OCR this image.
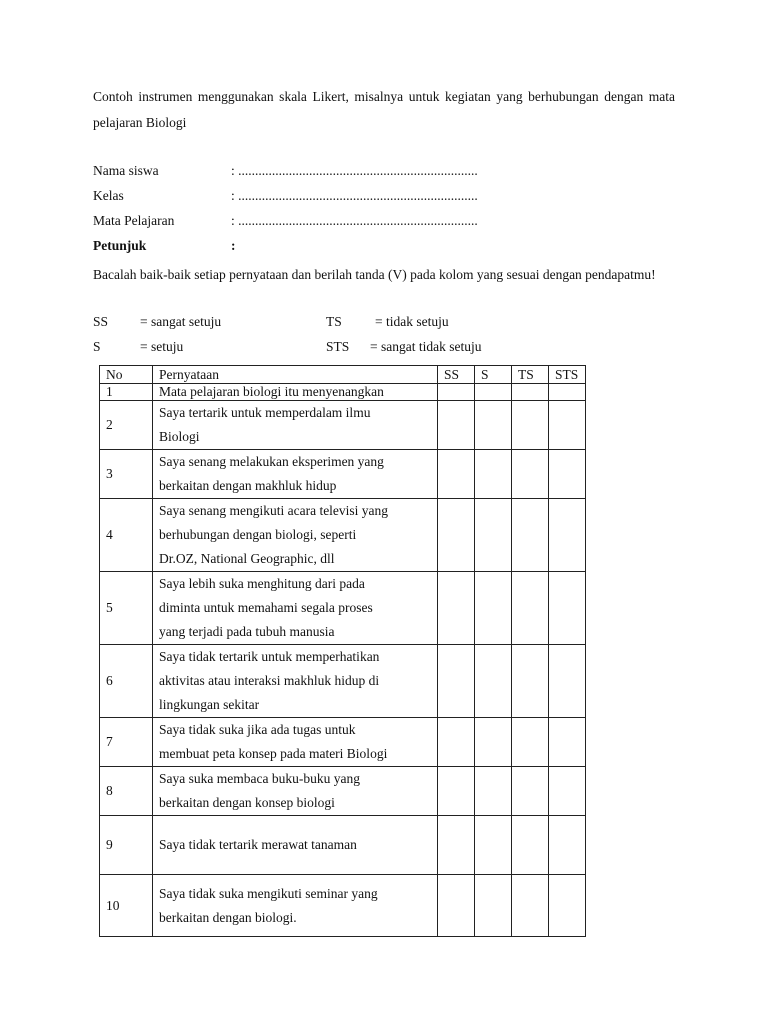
Contoh instrumen menggunakan skala Likert, misalnya untuk kegiatan yang berhubungan dengan mata pelajaran Biologi
Nama siswa	: .......................................................................
Kelas	: .......................................................................
Mata Pelajaran	: .......................................................................
Petunjuk	:
Bacalah baik-baik setiap pernyataan dan berilah tanda (V) pada kolom yang sesuai dengan pendapatmu!
SS = sangat setuju	TS = tidak setuju
S	= setuju	STS = sangat tidak setuju
No	Pernyataan	SS	S	TS	STS
1	Mata pelajaran biologi itu menyenangkan				

2	Saya tertarik untuk memperdalam ilmu
Biologi				

3	Saya senang melakukan eksperimen yang
berkaitan dengan makhluk hidup				

4	Saya senang mengikuti acara televisi yang
berhubungan dengan biologi, seperti
Dr.OZ, National Geographic, dll				

5	Saya lebih suka menghitung dari pada
diminta untuk memahami segala proses
yang terjadi pada tubuh manusia				

6	Saya tidak tertarik untuk memperhatikan
aktivitas atau interaksi makhluk hidup di
lingkungan sekitar				

7	Saya tidak suka jika ada tugas untuk
membuat peta konsep pada materi Biologi				

8	Saya suka membaca buku-buku yang
berkaitan dengan konsep biologi				

9	Saya tidak tertarik merawat tanaman				

10	Saya tidak suka mengikuti seminar yang
berkaitan dengan biologi.				
